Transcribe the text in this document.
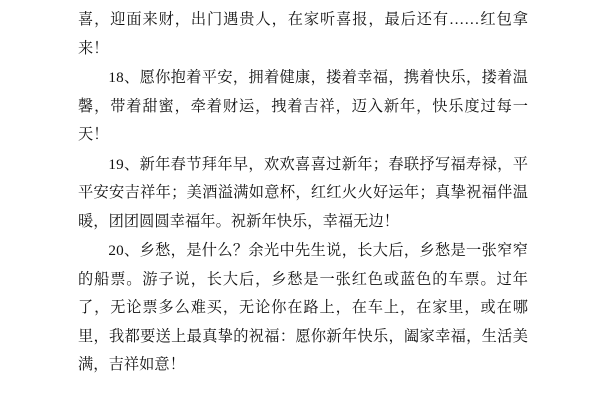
喜，迎面来财，出门遇贵人，在家听喜报，最后还有……红包拿来！

18、愿你抱着平安，拥着健康，搂着幸福，携着快乐，搂着温馨，带着甜蜜，牵着财运，拽着吉祥，迈入新年，快乐度过每一天！

19、新年春节拜年早，欢欢喜喜过新年；春联抒写福寿禄，平平安安吉祥年；美酒溢满如意杯，红红火火好运年；真挚祝福伴温暖，团团圆圆幸福年。祝新年快乐，幸福无边！

20、乡愁，是什么？余光中先生说，长大后，乡愁是一张窄窄的船票。游子说，长大后，乡愁是一张红色或蓝色的车票。过年了，无论票多么难买，无论你在路上，在车上，在家里，或在哪里，我都要送上最真挚的祝福：愿你新年快乐，阖家幸福，生活美满，吉祥如意！
